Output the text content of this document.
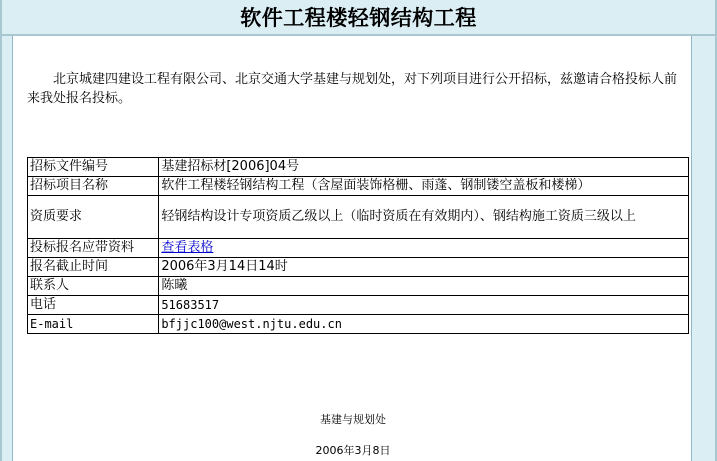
软件工程楼轻钢结构工程
北京城建四建设工程有限公司、北京交通大学基建与规划处，对下列项目进行公开招标，兹邀请合格投标人前来我处报名投标。
招标文件编号	基建招标材[2006]04号
招标项目名称	软件工程楼轻钢结构工程（含屋面装饰格栅、雨蓬、钢制镂空盖板和楼梯）
资质要求	轻钢结构设计专项资质乙级以上（临时资质在有效期内）、钢结构施工资质三级以上
投标报名应带资料	查看表格
报名截止时间	2006年3月14日14时
联系人	陈曦
电话	51683517
E-mail	bfjjc100@west.njtu.edu.cn
基建与规划处
2006年3月8日
